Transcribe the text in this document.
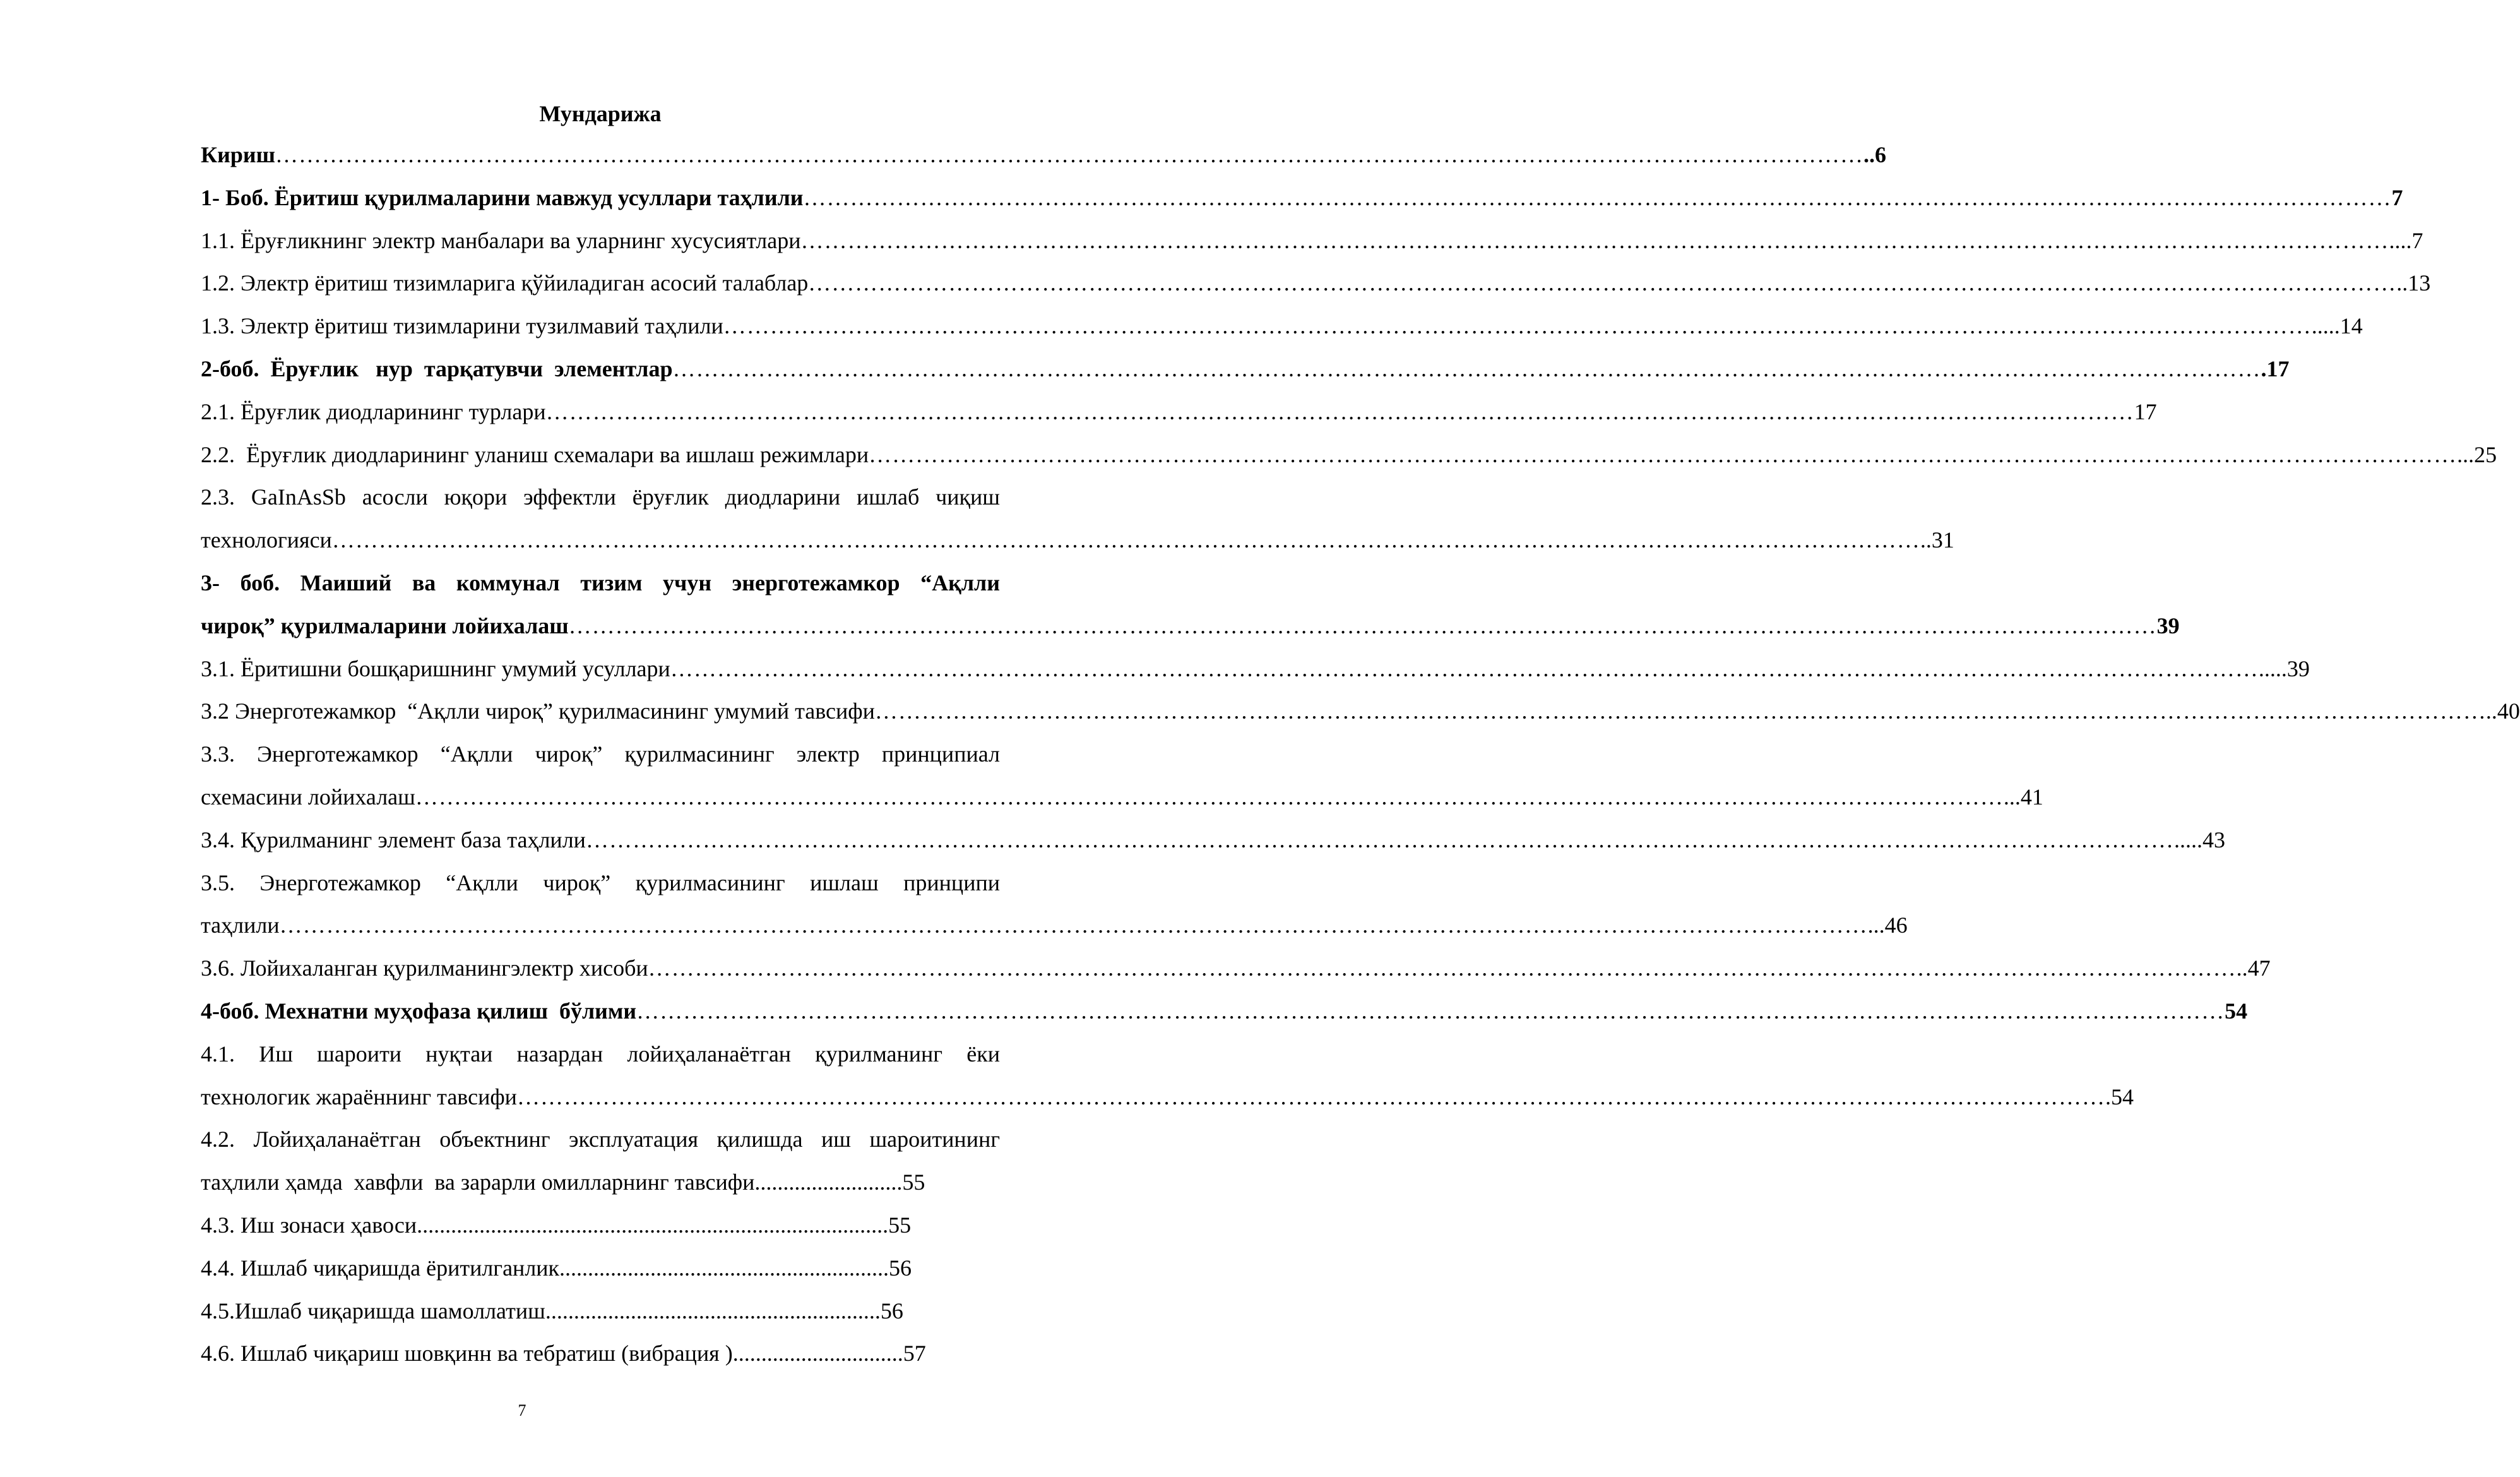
Мундарижа
Кириш …………………………………………………………………………………………………………………………………………………………………………………… ..6
1- Боб. Ёритиш қурилмаларини мавжуд усуллари таҳлили …………………………………………………………………………………………………………………………………………………………………………………… 7
1.1. Ёруғликнинг электр манбалари ва уларнинг хусусиятлари …………………………………………………………………………………………………………………………………………………………………………………… ....7
1.2. Электр ёритиш тизимларига қўйиладиган асосий талаблар …………………………………………………………………………………………………………………………………………………………………………………… ..13
1.3. Электр ёритиш тизимларини тузилмавий таҳлили …………………………………………………………………………………………………………………………………………………………………………………… .....14
2-боб.  Ёруғлик   нур  тарқатувчи  элементлар …………………………………………………………………………………………………………………………………………………………………………………… .17
2.1. Ёруғлик диодларининг турлари …………………………………………………………………………………………………………………………………………………………………………………… 17
2.2.  Ёруғлик диодларининг уланиш схемалари ва ишлаш режимлари …………………………………………………………………………………………………………………………………………………………………………………… ...25
2.3. GaInAsSb асосли юқори эффектли ёруғлик диодларини ишлаб чиқиш
технологияси …………………………………………………………………………………………………………………………………………………………………………………… ..31
3- боб. Маиший ва коммунал тизим учун энерготежамкор “Ақлли
чироқ” қурилмаларини лойихалаш …………………………………………………………………………………………………………………………………………………………………………………… 39
3.1. Ёритишни бошқаришнинг умумий усуллари …………………………………………………………………………………………………………………………………………………………………………………… .....39
3.2 Энерготежамкор  “Ақлли чироқ” қурилмасининг умумий тавсифи …………………………………………………………………………………………………………………………………………………………………………………… …..40
3.3. Энерготежамкор “Ақлли чироқ” қурилмасининг электр принципиал
схемасини лойихалаш …………………………………………………………………………………………………………………………………………………………………………………… ...41
3.4. Қурилманинг элемент база таҳлили …………………………………………………………………………………………………………………………………………………………………………………… .....43
3.5. Энерготежамкор “Ақлли чироқ” қурилмасининг ишлаш принципи
таҳлили …………………………………………………………………………………………………………………………………………………………………………………… ...46
3.6. Лойихаланган қурилманингэлектр хисоби …………………………………………………………………………………………………………………………………………………………………………………… ..47
4-боб. Мехнатни муҳофаза қилиш  бўлими …………………………………………………………………………………………………………………………………………………………………………………… 54
4.1. Иш шароити нуқтаи назардан лойиҳаланаётган қурилманинг ёки
технологик жараённинг тавсифи …………………………………………………………………………………………………………………………………………………………………………………… .54
4.2. Лойиҳаланаётган объектнинг эксплуатация қилишда иш шароитининг
таҳлили ҳамда  хавфли  ва зарарли омилларнинг тавсифи ..........................55
4.3. Иш зонаси ҳавоси ...................................................................................55
4.4. Ишлаб чиқаришда ёритилганлик ..........................................................56
4.5.Ишлаб чиқаришда шамоллатиш ...........................................................56
4.6. Ишлаб чиқариш шовқинн ва тебратиш (вибрация ) ..............................57
7
